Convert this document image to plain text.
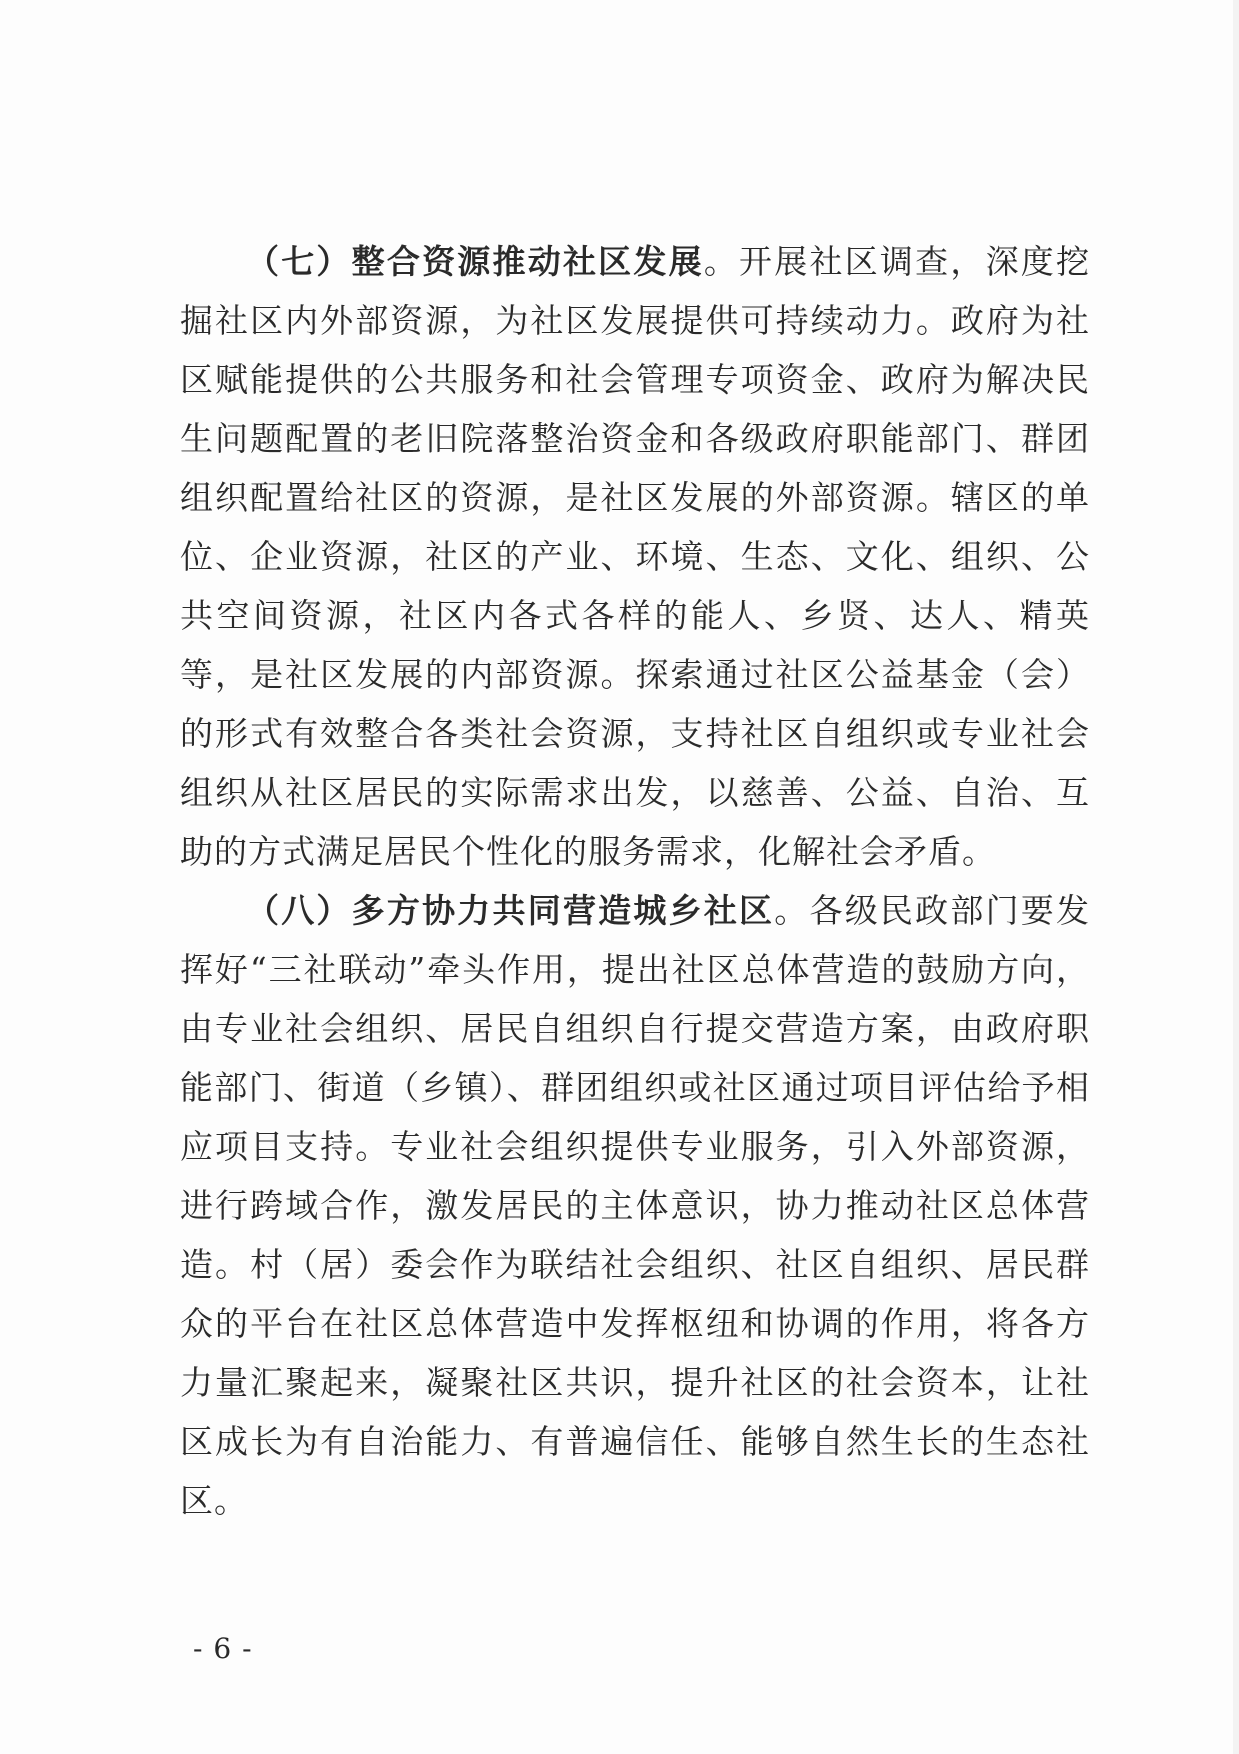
（七）整合资源推动社区发展。开展社区调查，深度挖掘社区内外部资源，为社区发展提供可持续动力。政府为社区赋能提供的公共服务和社会管理专项资金、政府为解决民生问题配置的老旧院落整治资金和各级政府职能部门、群团组织配置给社区的资源，是社区发展的外部资源。辖区的单位、企业资源，社区的产业、环境、生态、文化、组织、公共空间资源，社区内各式各样的能人、乡贤、达人、精英等，是社区发展的内部资源。探索通过社区公益基金（会）的形式有效整合各类社会资源，支持社区自组织或专业社会组织从社区居民的实际需求出发，以慈善、公益、自治、互助的方式满足居民个性化的服务需求，化解社会矛盾。

（八）多方协力共同营造城乡社区。各级民政部门要发挥好“三社联动”牵头作用，提出社区总体营造的鼓励方向，由专业社会组织、居民自组织自行提交营造方案，由政府职能部门、街道（乡镇）、群团组织或社区通过项目评估给予相应项目支持。专业社会组织提供专业服务，引入外部资源，进行跨域合作，激发居民的主体意识，协力推动社区总体营造。村（居）委会作为联结社会组织、社区自组织、居民群众的平台在社区总体营造中发挥枢纽和协调的作用，将各方力量汇聚起来，凝聚社区共识，提升社区的社会资本，让社区成长为有自治能力、有普遍信任、能够自然生长的生态社区。

- 6 -
